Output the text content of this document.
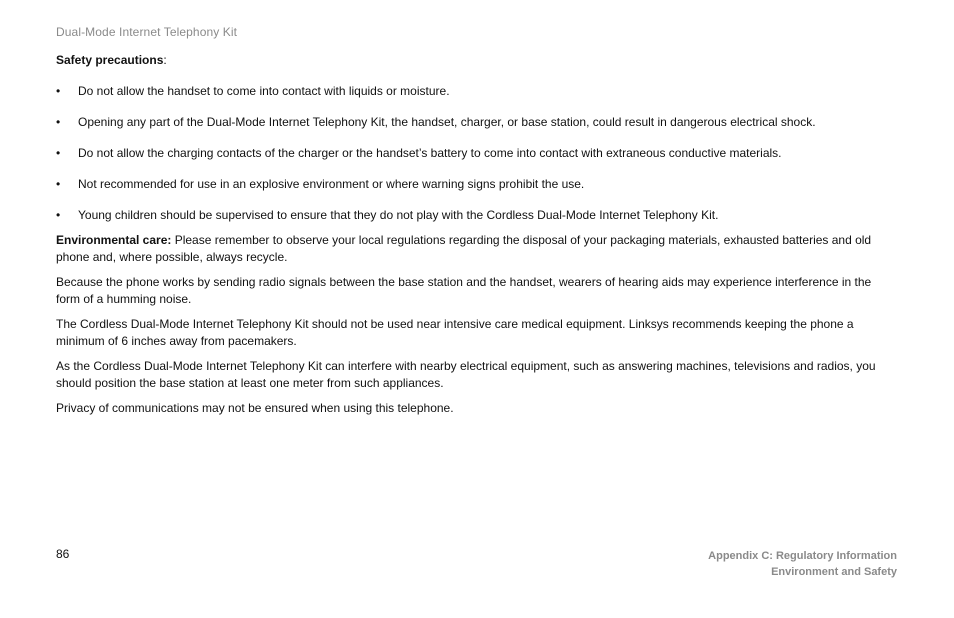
Dual-Mode Internet Telephony Kit

Safety precautions:

• Do not allow the handset to come into contact with liquids or moisture.
• Opening any part of the Dual-Mode Internet Telephony Kit, the handset, charger, or base station, could result in dangerous electrical shock.
• Do not allow the charging contacts of the charger or the handset’s battery to come into contact with extraneous conductive materials.
• Not recommended for use in an explosive environment or where warning signs prohibit the use.
• Young children should be supervised to ensure that they do not play with the Cordless Dual-Mode Internet Telephony Kit.

Environmental care: Please remember to observe your local regulations regarding the disposal of your packaging materials, exhausted batteries and old phone and, where possible, always recycle.

Because the phone works by sending radio signals between the base station and the handset, wearers of hearing aids may experience interference in the form of a humming noise.

The Cordless Dual-Mode Internet Telephony Kit should not be used near intensive care medical equipment. Linksys recommends keeping the phone a minimum of 6 inches away from pacemakers.

As the Cordless Dual-Mode Internet Telephony Kit can interfere with nearby electrical equipment, such as answering machines, televisions and radios, you should position the base station at least one meter from such appliances.

Privacy of communications may not be ensured when using this telephone.

86	Appendix C: Regulatory Information
Environment and Safety
